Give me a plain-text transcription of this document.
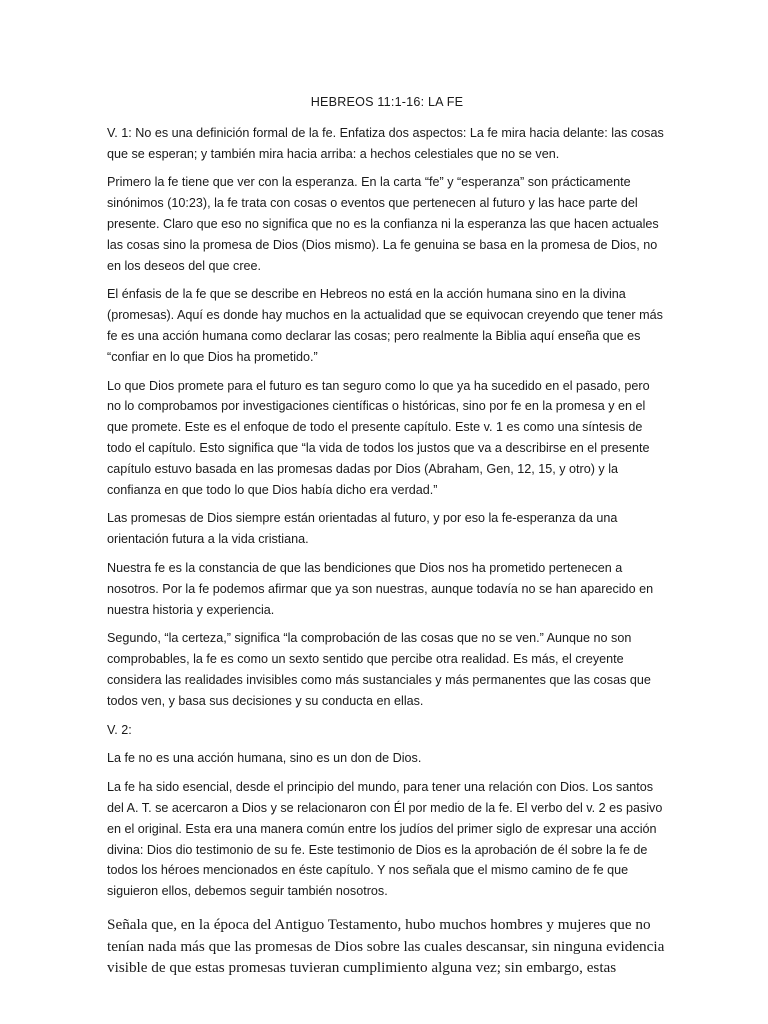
HEBREOS 11:1-16: LA FE

V. 1: No es una definición formal de la fe. Enfatiza dos aspectos: La fe mira hacia delante: las cosas que se esperan; y también mira hacia arriba: a hechos celestiales que no se ven.

Primero la fe tiene que ver con la esperanza. En la carta “fe” y “esperanza” son prácticamente sinónimos (10:23), la fe trata con cosas o eventos que pertenecen al futuro y las hace parte del presente. Claro que eso no significa que no es la confianza ni la esperanza las que hacen actuales las cosas sino la promesa de Dios (Dios mismo). La fe genuina se basa en la promesa de Dios, no en los deseos del que cree.

El énfasis de la fe que se describe en Hebreos no está en la acción humana sino en la divina (promesas). Aquí es donde hay muchos en la actualidad que se equivocan creyendo que tener más fe es una acción humana como declarar las cosas; pero realmente la Biblia aquí enseña que es “confiar en lo que Dios ha prometido.”

Lo que Dios promete para el futuro es tan seguro como lo que ya ha sucedido en el pasado, pero no lo comprobamos por investigaciones científicas o históricas, sino por fe en la promesa y en el que promete. Este es el enfoque de todo el presente capítulo. Este v. 1 es como una síntesis de todo el capítulo. Esto significa que “la vida de todos los justos que va a describirse en el presente capítulo estuvo basada en las promesas dadas por Dios (Abraham, Gen, 12, 15, y otro) y la confianza en que todo lo que Dios había dicho era verdad.”

Las promesas de Dios siempre están orientadas al futuro, y por eso la fe-esperanza da una orientación futura a la vida cristiana.

Nuestra fe es la constancia de que las bendiciones que Dios nos ha prometido pertenecen a nosotros. Por la fe podemos afirmar que ya son nuestras, aunque todavía no se han aparecido en nuestra historia y experiencia.

Segundo, “la certeza,” significa “la comprobación de las cosas que no se ven.” Aunque no son comprobables, la fe es como un sexto sentido que percibe otra realidad. Es más, el creyente considera las realidades invisibles como más sustanciales y más permanentes que las cosas que todos ven, y basa sus decisiones y su conducta en ellas.

V. 2:

La fe no es una acción humana, sino es un don de Dios.

La fe ha sido esencial, desde el principio del mundo, para tener una relación con Dios. Los santos del A. T. se acercaron a Dios y se relacionaron con Él por medio de la fe. El verbo del v. 2 es pasivo en el original. Esta era una manera común entre los judíos del primer siglo de expresar una acción divina: Dios dio testimonio de su fe. Este testimonio de Dios es la aprobación de él sobre la fe de todos los héroes mencionados en éste capítulo. Y nos señala que el mismo camino de fe que siguieron ellos, debemos seguir también nosotros.

Señala que, en la época del Antiguo Testamento, hubo muchos hombres y mujeres que no tenían nada más que las promesas de Dios sobre las cuales descansar, sin ninguna evidencia visible de que estas promesas tuvieran cumplimiento alguna vez; sin embargo, estas
